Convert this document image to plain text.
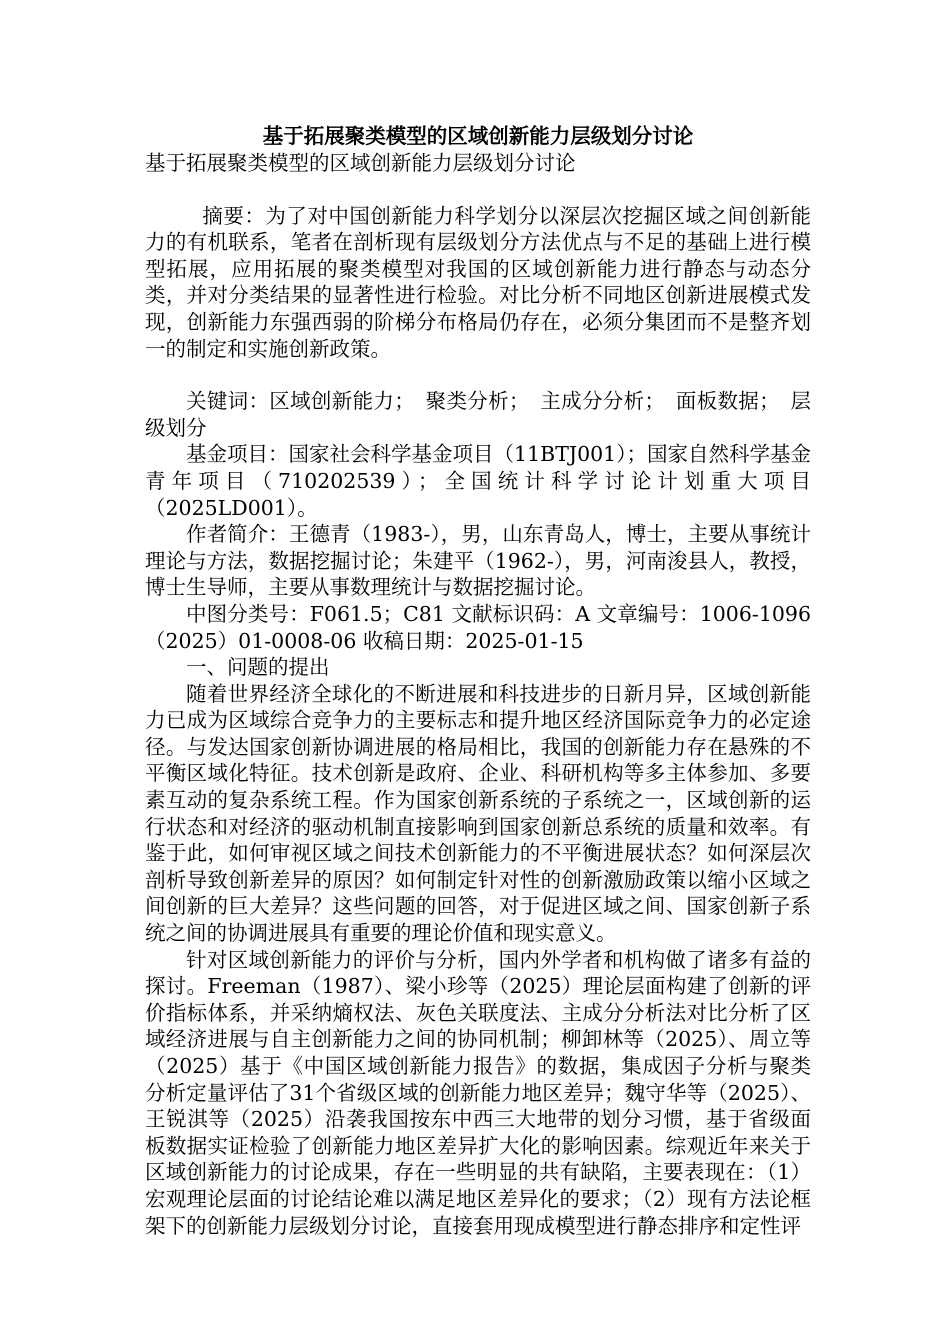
基于拓展聚类模型的区域创新能力层级划分讨论
基于拓展聚类模型的区域创新能力层级划分讨论

摘要：为了对中国创新能力科学划分以深层次挖掘区域之间创新能力的有机联系，笔者在剖析现有层级划分方法优点与不足的基础上进行模型拓展，应用拓展的聚类模型对我国的区域创新能力进行静态与动态分类，并对分类结果的显著性进行检验。对比分析不同地区创新进展模式发现，创新能力东强西弱的阶梯分布格局仍存在，必须分集团而不是整齐划一的制定和实施创新政策。

关键词：区域创新能力；　聚类分析；　主成分分析；　面板数据；　层级划分

基金项目：国家社会科学基金项目（11BTJ001）；国家自然科学基金青年项目（710202539）；全国统计科学讨论计划重大项目（2025LD001）。

作者简介：王德青（1983-），男，山东青岛人，博士，主要从事统计理论与方法，数据挖掘讨论；朱建平（1962-），男，河南浚县人，教授，博士生导师，主要从事数理统计与数据挖掘讨论。

中图分类号：F061.5；C81 文献标识码：A 文章编号：1006-1096（2025）01-0008-06 收稿日期：2025-01-15

一、问题的提出

随着世界经济全球化的不断进展和科技进步的日新月异，区域创新能力已成为区域综合竞争力的主要标志和提升地区经济国际竞争力的必定途径。与发达国家创新协调进展的格局相比，我国的创新能力存在悬殊的不平衡区域化特征。技术创新是政府、企业、科研机构等多主体参加、多要素互动的复杂系统工程。作为国家创新系统的子系统之一，区域创新的运行状态和对经济的驱动机制直接影响到国家创新总系统的质量和效率。有鉴于此，如何审视区域之间技术创新能力的不平衡进展状态？如何深层次剖析导致创新差异的原因？如何制定针对性的创新激励政策以缩小区域之间创新的巨大差异？这些问题的回答，对于促进区域之间、国家创新子系统之间的协调进展具有重要的理论价值和现实意义。

针对区域创新能力的评价与分析，国内外学者和机构做了诸多有益的探讨。Freeman（1987）、梁小珍等（2025）理论层面构建了创新的评价指标体系，并采纳熵权法、灰色关联度法、主成分分析法对比分析了区域经济进展与自主创新能力之间的协同机制；柳卸林等（2025）、周立等（2025）基于《中国区域创新能力报告》的数据，集成因子分析与聚类分析定量评估了31个省级区域的创新能力地区差异；魏守华等（2025）、王锐淇等（2025）沿袭我国按东中西三大地带的划分习惯，基于省级面板数据实证检验了创新能力地区差异扩大化的影响因素。综观近年来关于区域创新能力的讨论成果，存在一些明显的共有缺陷，主要表现在：（1）宏观理论层面的讨论结论难以满足地区差异化的要求；（2）现有方法论框架下的创新能力层级划分讨论，直接套用现成模型进行静态排序和定性评
